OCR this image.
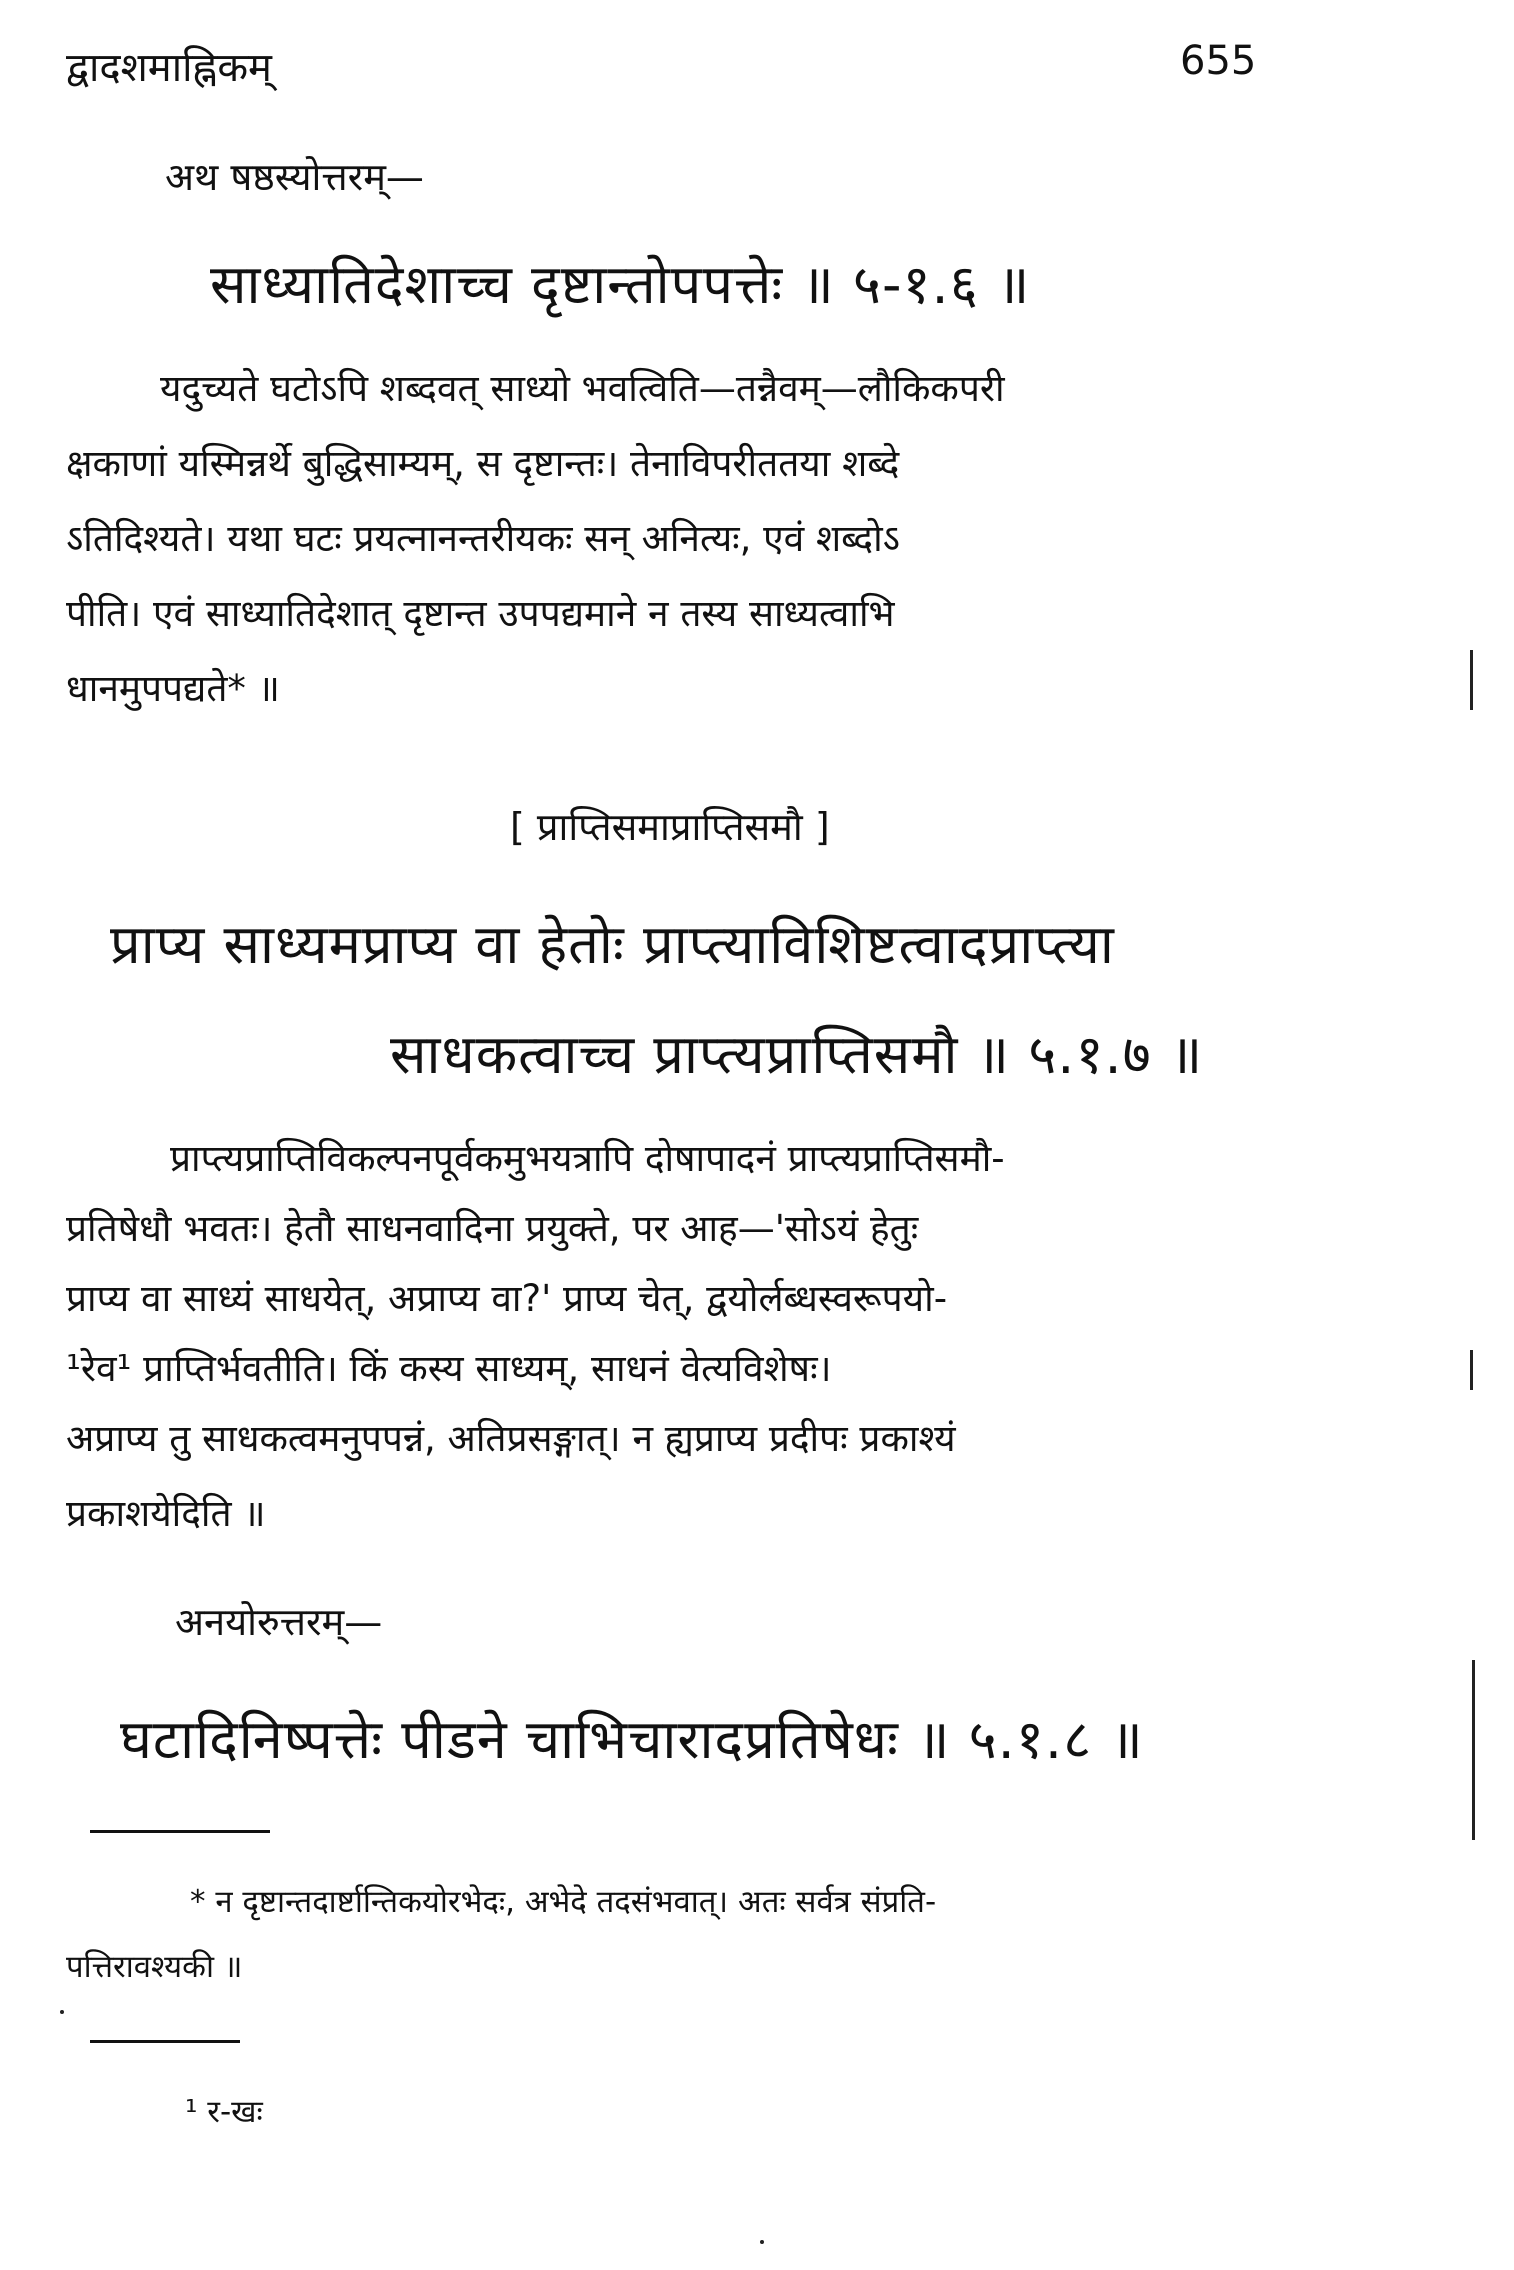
द्वादशमाह्निकम्	655
अथ षष्ठस्योत्तरम्—
साध्यातिदेशाच्च दृष्टान्तोपपत्तेः ॥ ५-१.६ ॥
यदुच्यते घटोऽपि शब्दवत् साध्यो भवत्विति—तन्नैवम्—लौकिकपरी
क्षकाणां यस्मिन्नर्थे बुद्धिसाम्यम्, स दृष्टान्तः। तेनाविपरीततया शब्दे
ऽतिदिश्यते। यथा घटः प्रयत्नानन्तरीयकः सन् अनित्यः, एवं शब्दोऽ
पीति। एवं साध्यातिदेशात् दृष्टान्त उपपद्यमाने न तस्य साध्यत्वाभि
धानमुपपद्यते* ॥
[ प्राप्तिसमाप्राप्तिसमौ ]
प्राप्य साध्यमप्राप्य वा हेतोः प्राप्त्याविशिष्टत्वादप्राप्त्या
साधकत्वाच्च प्राप्त्यप्राप्तिसमौ ॥ ५.१.७ ॥
प्राप्त्यप्राप्तिविकल्पनपूर्वकमुभयत्रापि दोषापादनं प्राप्त्यप्राप्तिसमौ-
प्रतिषेधौ भवतः। हेतौ साधनवादिना प्रयुक्ते, पर आह—'सोऽयं हेतुः
प्राप्य वा साध्यं साधयेत्, अप्राप्य वा?' प्राप्य चेत्, द्वयोर्लब्धस्वरूपयो-
¹रेव¹ प्राप्तिर्भवतीति। किं कस्य साध्यम्, साधनं वेत्यविशेषः।
अप्राप्य तु साधकत्वमनुपपन्नं, अतिप्रसङ्गात्। न ह्यप्राप्य प्रदीपः प्रकाश्यं
प्रकाशयेदिति ॥
अनयोरुत्तरम्—
घटादिनिष्पत्तेः पीडने चाभिचारादप्रतिषेधः ॥ ५.१.८ ॥
* न दृष्टान्तदार्ष्टान्तिकयोरभेदः, अभेदे तदसंभवात्। अतः सर्वत्र संप्रति-
पत्तिरावश्यकी ॥
¹ र-खः
